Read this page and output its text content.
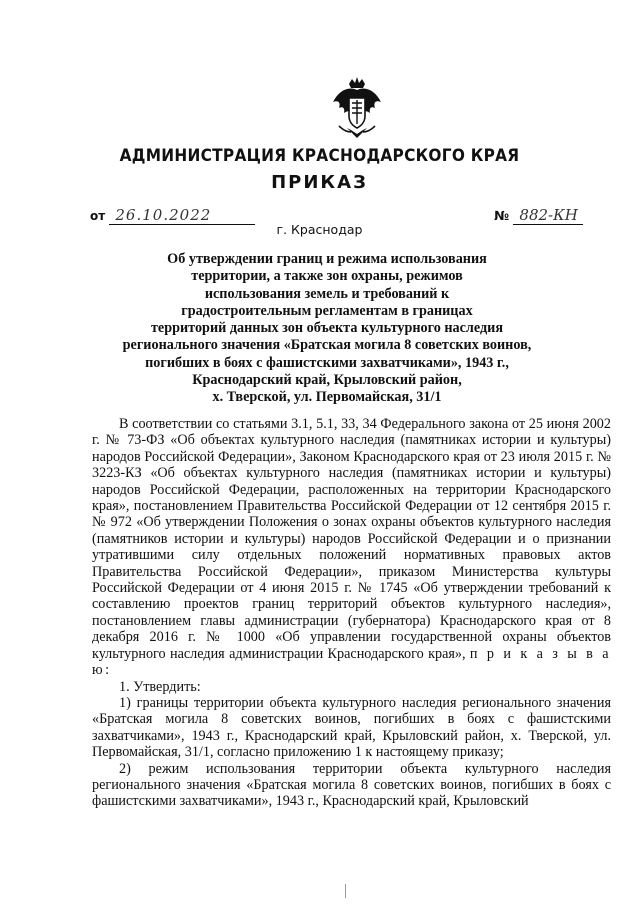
АДМИНИСТРАЦИЯ КРАСНОДАРСКОГО КРАЯ
ПРИКАЗ
от 26.10.2022
г. Краснодар
№ 882-КН
Об утверждении границ и режима использования
территории, а также зон охраны, режимов
использования земель и требований к
градостроительным регламентам в границах
территорий данных зон объекта культурного наследия
регионального значения «Братская могила 8 советских воинов,
погибших в боях с фашистскими захватчиками», 1943 г.,
Краснодарский край, Крыловский район,
х. Тверской, ул. Первомайская, 31/1

В соответствии со статьями 3.1, 5.1, 33, 34 Федерального закона от 25 июня 2002 г. № 73-ФЗ «Об объектах культурного наследия (памятниках истории и культуры) народов Российской Федерации», Законом Краснодарского края от 23 июля 2015 г. № 3223-КЗ «Об объектах культурного наследия (памятниках истории и культуры) народов Российской Федерации, расположенных на территории Краснодарского края», постановлением Правительства Российской Федерации от 12 сентября 2015 г. № 972 «Об утверждении Положения о зонах охраны объектов культурного наследия (памятников истории и культуры) народов Российской Федерации и о признании утратившими силу отдельных положений нормативных правовых актов Правительства Российской Федерации», приказом Министерства культуры Российской Федерации от 4 июня 2015 г. № 1745 «Об утверждении требований к составлению проектов границ территорий объектов культурного наследия», постановлением главы администрации (губернатора) Краснодарского края от 8 декабря 2016 г. № 1000 «Об управлении государственной охраны объектов культурного наследия администрации Краснодарского края», п р и к а з ы в а ю:

1. Утвердить:

1) границы территории объекта культурного наследия регионального значения «Братская могила 8 советских воинов, погибших в боях с фашистскими захватчиками», 1943 г., Краснодарский край, Крыловский район, х. Тверской, ул. Первомайская, 31/1, согласно приложению 1 к настоящему приказу;

2) режим использования территории объекта культурного наследия регионального значения «Братская могила 8 советских воинов, погибших в боях с фашистскими захватчиками», 1943 г., Краснодарский край, Крыловский
